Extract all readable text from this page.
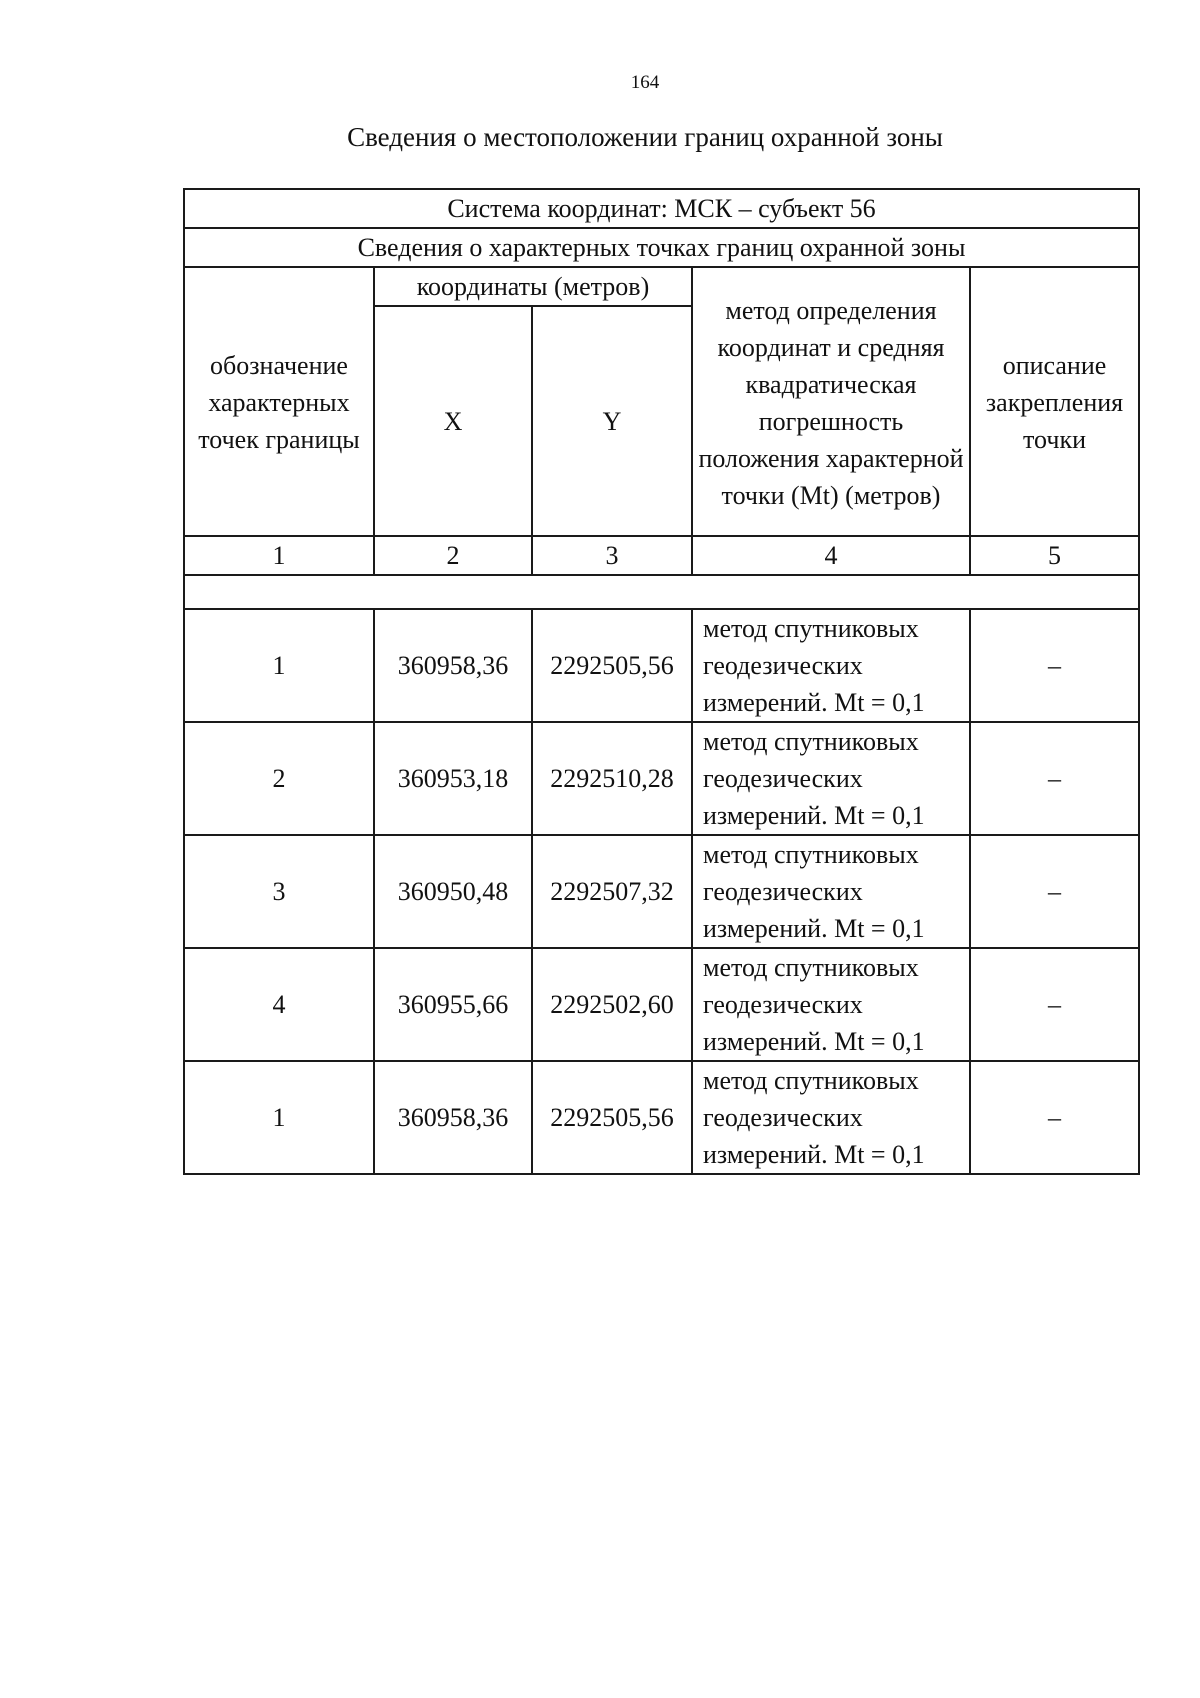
164
Сведения о местоположении границ охранной зоны
Система координат: МСК – субъект 56				
Сведения о характерных точках границ охранной зоны				
обозначение характерных точек границы	координаты (метров)		метод определения координат и средняя квадратическая погрешность положения характерной точки (Mt) (метров)	описание закрепления точки
	X	Y		
1	2	3	4	5

1	360958,36	2292505,56	метод спутниковых геодезических измерений. Mt = 0,1	–
2	360953,18	2292510,28	метод спутниковых геодезических измерений. Mt = 0,1	–
3	360950,48	2292507,32	метод спутниковых геодезических измерений. Mt = 0,1	–
4	360955,66	2292502,60	метод спутниковых геодезических измерений. Mt = 0,1	–
1	360958,36	2292505,56	метод спутниковых геодезических измерений. Mt = 0,1	–
